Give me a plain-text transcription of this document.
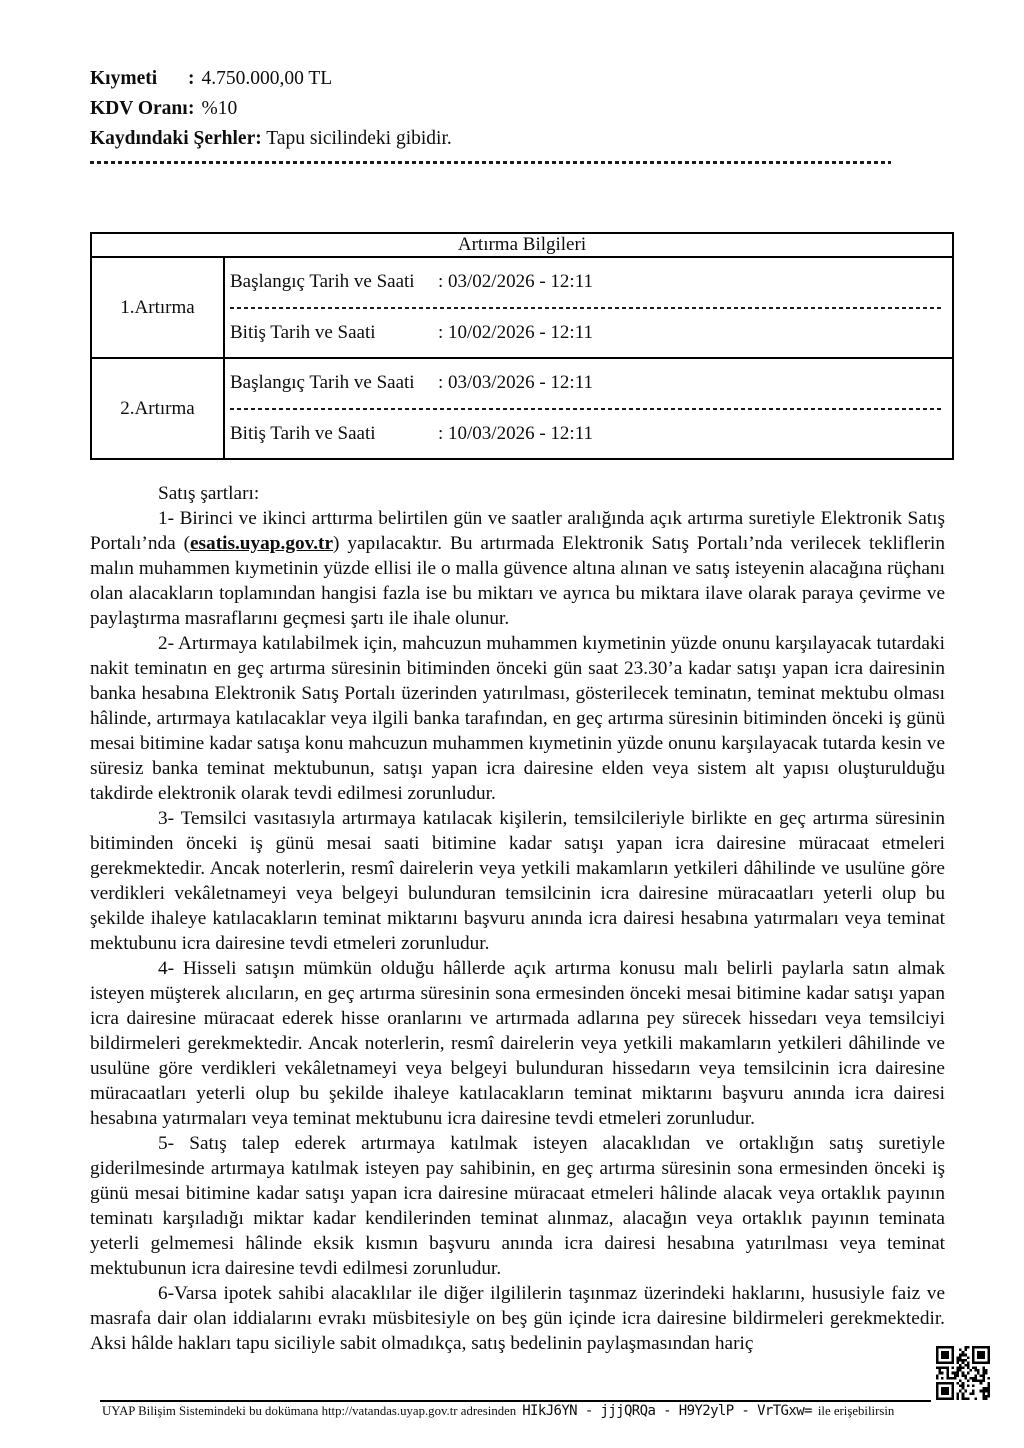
Kıymeti : 4.750.000,00 TL
KDV Oranı: %10
Kaydındaki Şerhler: Tapu sicilindeki gibidir.
Artırma Bilgileri
1.Artırma
Başlangıç Tarih ve Saati : 03/02/2026 - 12:11
Bitiş Tarih ve Saati	: 10/02/2026 - 12:11
2.Artırma
Başlangıç Tarih ve Saati : 03/03/2026 - 12:11
Bitiş Tarih ve Saati	: 10/03/2026 - 12:11

Satış şartları:

1- Birinci ve ikinci arttırma belirtilen gün ve saatler aralığında açık artırma suretiyle Elektronik Satış Portalı’nda (esatis.uyap.gov.tr) yapılacaktır. Bu artırmada Elektronik Satış Portalı’nda verilecek tekliflerin malın muhammen kıymetinin yüzde ellisi ile o malla güvence altına alınan ve satış isteyenin alacağına rüçhanı olan alacakların toplamından hangisi fazla ise bu miktarı ve ayrıca bu miktara ilave olarak paraya çevirme ve paylaştırma masraflarını geçmesi şartı ile ihale olunur.

2- Artırmaya katılabilmek için, mahcuzun muhammen kıymetinin yüzde onunu karşılayacak tutardaki nakit teminatın en geç artırma süresinin bitiminden önceki gün saat 23.30’a kadar satışı yapan icra dairesinin banka hesabına Elektronik Satış Portalı üzerinden yatırılması, gösterilecek teminatın, teminat mektubu olması hâlinde, artırmaya katılacaklar veya ilgili banka tarafından, en geç artırma süresinin bitiminden önceki iş günü mesai bitimine kadar satışa konu mahcuzun muhammen kıymetinin yüzde onunu karşılayacak tutarda kesin ve süresiz banka teminat mektubunun, satışı yapan icra dairesine elden veya sistem alt yapısı oluşturulduğu takdirde elektronik olarak tevdi edilmesi zorunludur.

3- Temsilci vasıtasıyla artırmaya katılacak kişilerin, temsilcileriyle birlikte en geç artırma süresinin bitiminden önceki iş günü mesai saati bitimine kadar satışı yapan icra dairesine müracaat etmeleri gerekmektedir. Ancak noterlerin, resmî dairelerin veya yetkili makamların yetkileri dâhilinde ve usulüne göre verdikleri vekâletnameyi veya belgeyi bulunduran temsilcinin icra dairesine müracaatları yeterli olup bu şekilde ihaleye katılacakların teminat miktarını başvuru anında icra dairesi hesabına yatırmaları veya teminat mektubunu icra dairesine tevdi etmeleri zorunludur.

4- Hisseli satışın mümkün olduğu hâllerde açık artırma konusu malı belirli paylarla satın almak isteyen müşterek alıcıların, en geç artırma süresinin sona ermesinden önceki mesai bitimine kadar satışı yapan icra dairesine müracaat ederek hisse oranlarını ve artırmada adlarına pey sürecek hissedarı veya temsilciyi bildirmeleri gerekmektedir. Ancak noterlerin, resmî dairelerin veya yetkili makamların yetkileri dâhilinde ve usulüne göre verdikleri vekâletnameyi veya belgeyi bulunduran hissedarın veya temsilcinin icra dairesine müracaatları yeterli olup bu şekilde ihaleye katılacakların teminat miktarını başvuru anında icra dairesi hesabına yatırmaları veya teminat mektubunu icra dairesine tevdi etmeleri zorunludur.

5- Satış talep ederek artırmaya katılmak isteyen alacaklıdan ve ortaklığın satış suretiyle giderilmesinde artırmaya katılmak isteyen pay sahibinin, en geç artırma süresinin sona ermesinden önceki iş günü mesai bitimine kadar satışı yapan icra dairesine müracaat etmeleri hâlinde alacak veya ortaklık payının teminatı karşıladığı miktar kadar kendilerinden teminat alınmaz, alacağın veya ortaklık payının teminata yeterli gelmemesi hâlinde eksik kısmın başvuru anında icra dairesi hesabına yatırılması veya teminat mektubunun icra dairesine tevdi edilmesi zorunludur.

6-Varsa ipotek sahibi alacaklılar ile diğer ilgililerin taşınmaz üzerindeki haklarını, hususiyle faiz ve masrafa dair olan iddialarını evrakı müsbitesiyle on beş gün içinde icra dairesine bildirmeleri gerekmektedir. Aksi hâlde hakları tapu siciliyle sabit olmadıkça, satış bedelinin paylaşmasından hariç

UYAP Bilişim Sistemindeki bu dokümana http://vatandas.uyap.gov.tr adresinden HIkJ6YN - jjjQRQa - H9Y2ylP - VrTGxw= ile erişebilirsin
